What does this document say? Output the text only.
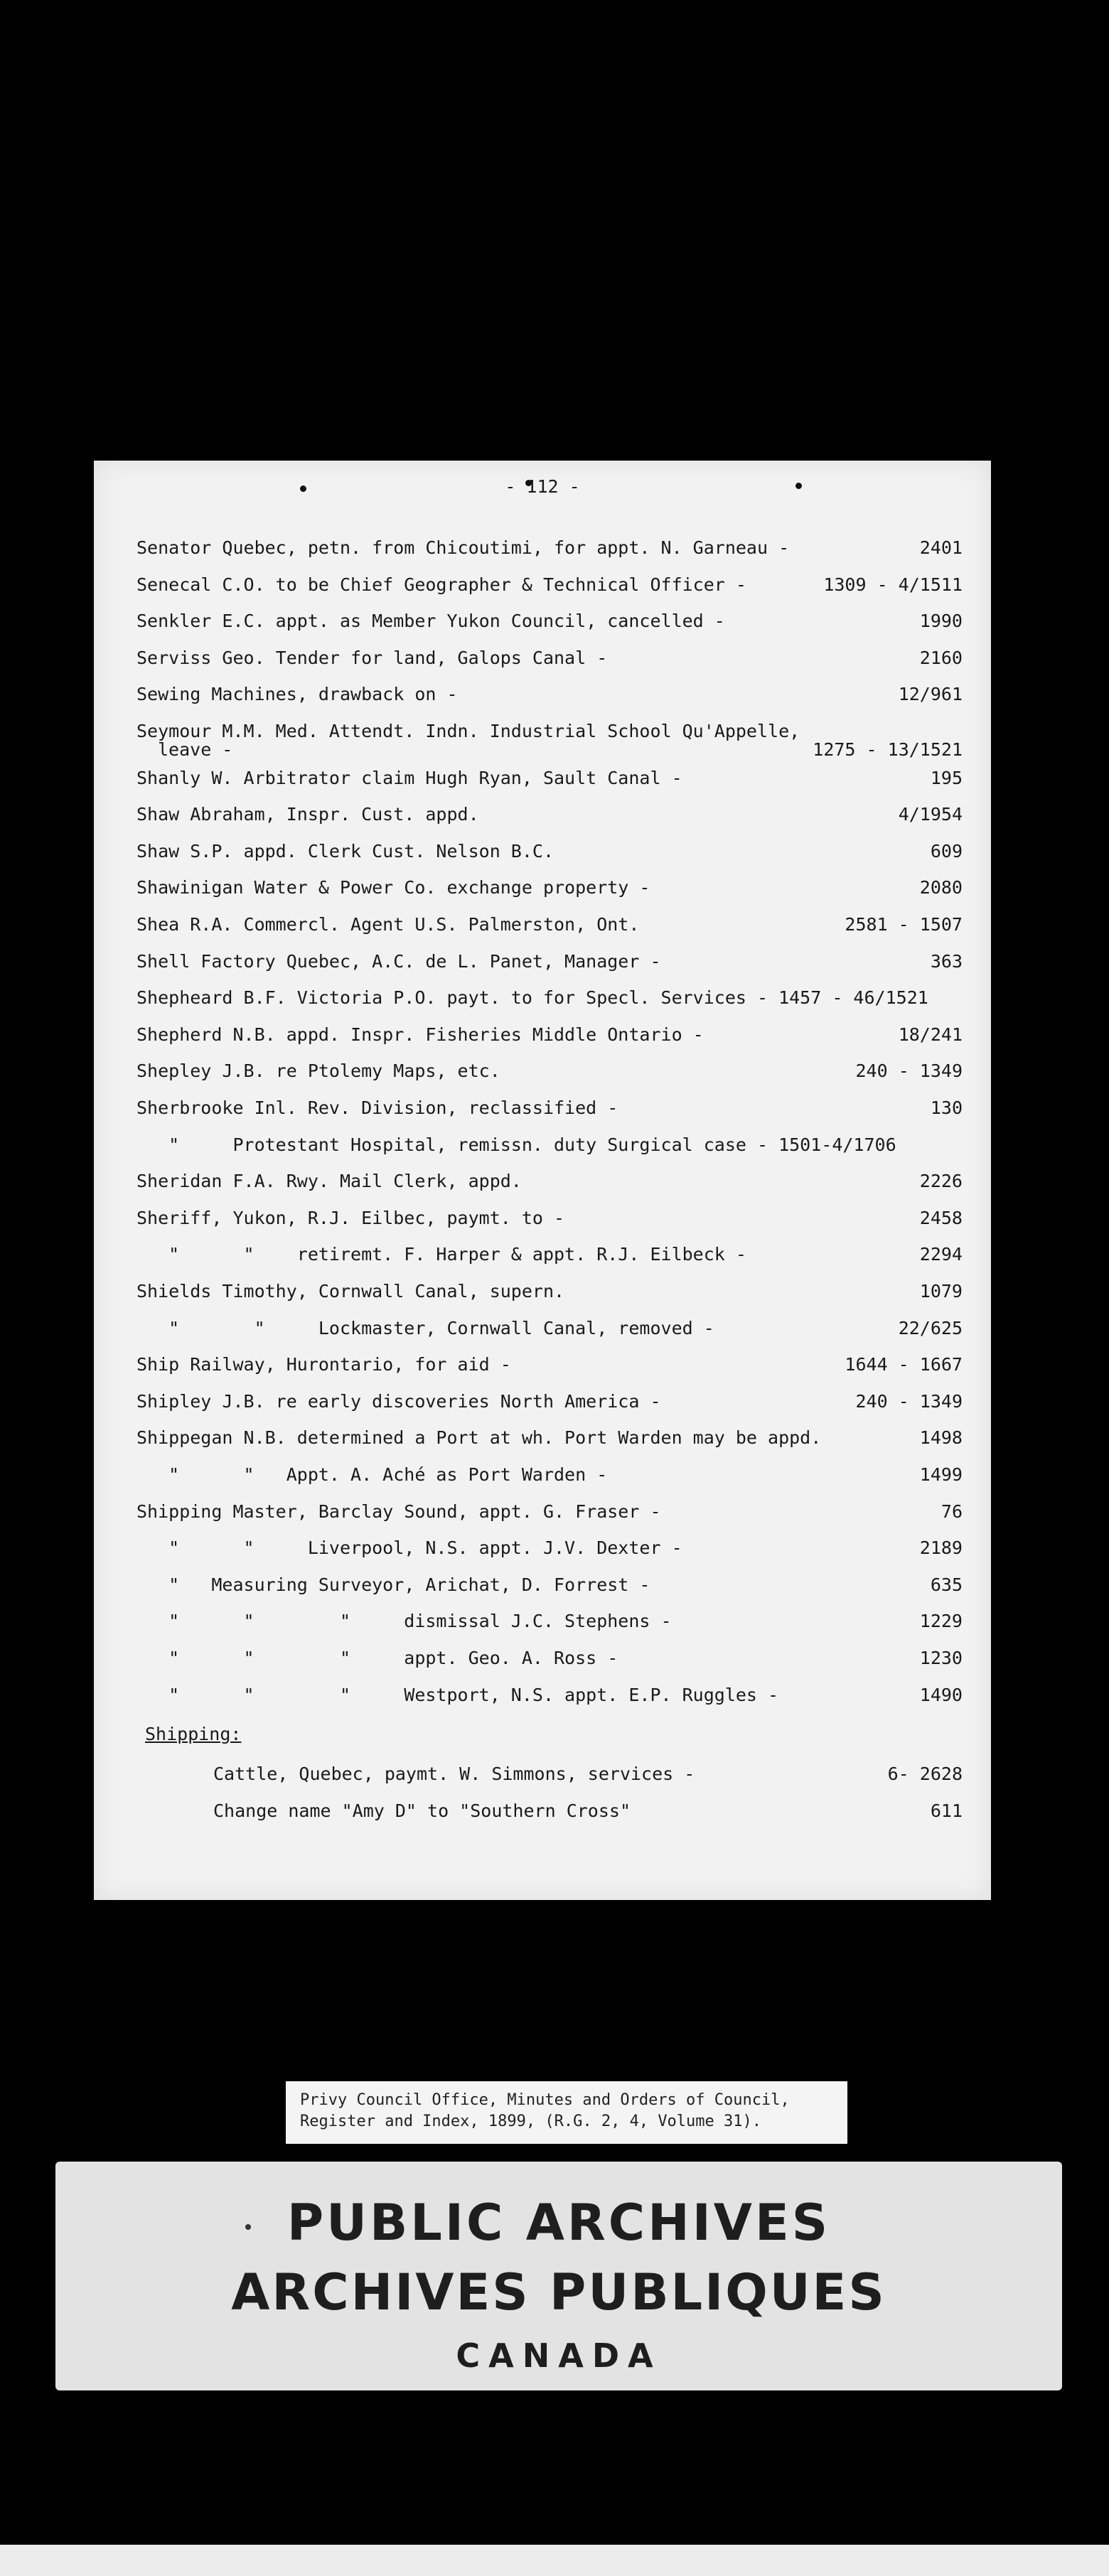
- 112 -
Senator Quebec, petn. from Chicoutimi, for appt. N. Garneau -	2401
Senecal C.O. to be Chief Geographer & Technical Officer -	1309 - 4/1511
Senkler E.C. appt. as Member Yukon Council, cancelled -	1990
Serviss Geo. Tender for land, Galops Canal -	2160
Sewing Machines, drawback on -	12/961
Seymour M.M. Med. Attendt. Indn. Industrial School Qu'Appelle,
leave -	1275 - 13/1521
Shanly W. Arbitrator claim Hugh Ryan, Sault Canal -	195
Shaw Abraham, Inspr. Cust. appd.	4/1954
Shaw S.P. appd. Clerk Cust. Nelson B.C.	609
Shawinigan Water & Power Co. exchange property -	2080
Shea R.A. Commercl. Agent U.S. Palmerston, Ont.	2581 - 1507
Shell Factory Quebec, A.C. de L. Panet, Manager -	363
Shepheard B.F. Victoria P.O. payt. to for Specl. Services - 1457 - 46/1521
Shepherd N.B. appd. Inspr. Fisheries Middle Ontario -	18/241
Shepley J.B. re Ptolemy Maps, etc.	240 - 1349
Sherbrooke Inl. Rev. Division, reclassified -	130
"     Protestant Hospital, remissn. duty Surgical case - 1501-4/1706
Sheridan F.A. Rwy. Mail Clerk, appd.	2226
Sheriff, Yukon, R.J. Eilbec, paymt. to -	2458
"      "    retiremt. F. Harper & appt. R.J. Eilbeck -	2294
Shields Timothy, Cornwall Canal, supern.	1079
"       "     Lockmaster, Cornwall Canal, removed -	22/625
Ship Railway, Hurontario, for aid -	1644 - 1667
Shipley J.B. re early discoveries North America -	240 - 1349
Shippegan N.B. determined a Port at wh. Port Warden may be appd.	1498
"      "   Appt. A. Aché as Port Warden -	1499
Shipping Master, Barclay Sound, appt. G. Fraser -	76
"      "     Liverpool, N.S. appt. J.V. Dexter -	2189
"   Measuring Surveyor, Arichat, D. Forrest -	635
"      "        "     dismissal J.C. Stephens -	1229
"      "        "     appt. Geo. A. Ross -	1230
"      "        "     Westport, N.S. appt. E.P. Ruggles -	1490
Shipping:
Cattle, Quebec, paymt. W. Simmons, services -	6- 2628
Change name "Amy D" to "Southern Cross"	611
Privy Council Office, Minutes and Orders of Council,
Register and Index, 1899, (R.G. 2, 4, Volume 31).
PUBLIC ARCHIVES
ARCHIVES PUBLIQUES
CANADA
